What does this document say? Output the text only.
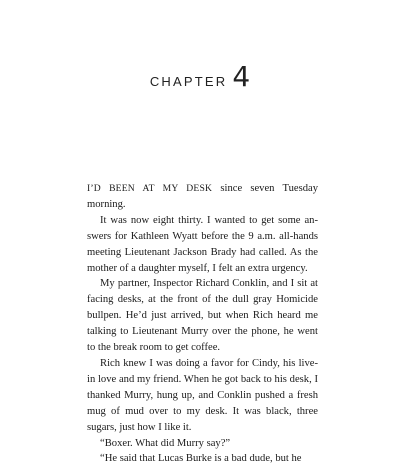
CHAPTER 4

I’D BEEN AT MY DESK since seven Tuesday morning.

It was now eight thirty. I wanted to get some answers for Kathleen Wyatt before the 9 a.m. all-hands meeting Lieutenant Jackson Brady had called. As the mother of a daughter myself, I felt an extra urgency.

My partner, Inspector Richard Conklin, and I sit at facing desks, at the front of the dull gray Homicide bullpen. He’d just arrived, but when Rich heard me talking to Lieutenant Murry over the phone, he went to the break room to get coffee.

Rich knew I was doing a favor for Cindy, his live-in love and my friend. When he got back to his desk, I thanked Murry, hung up, and Conklin pushed a fresh mug of mud over to my desk. It was black, three sugars, just how I like it.

“Boxer. What did Murry say?”

“He said that Lucas Burke is a bad dude, but he
